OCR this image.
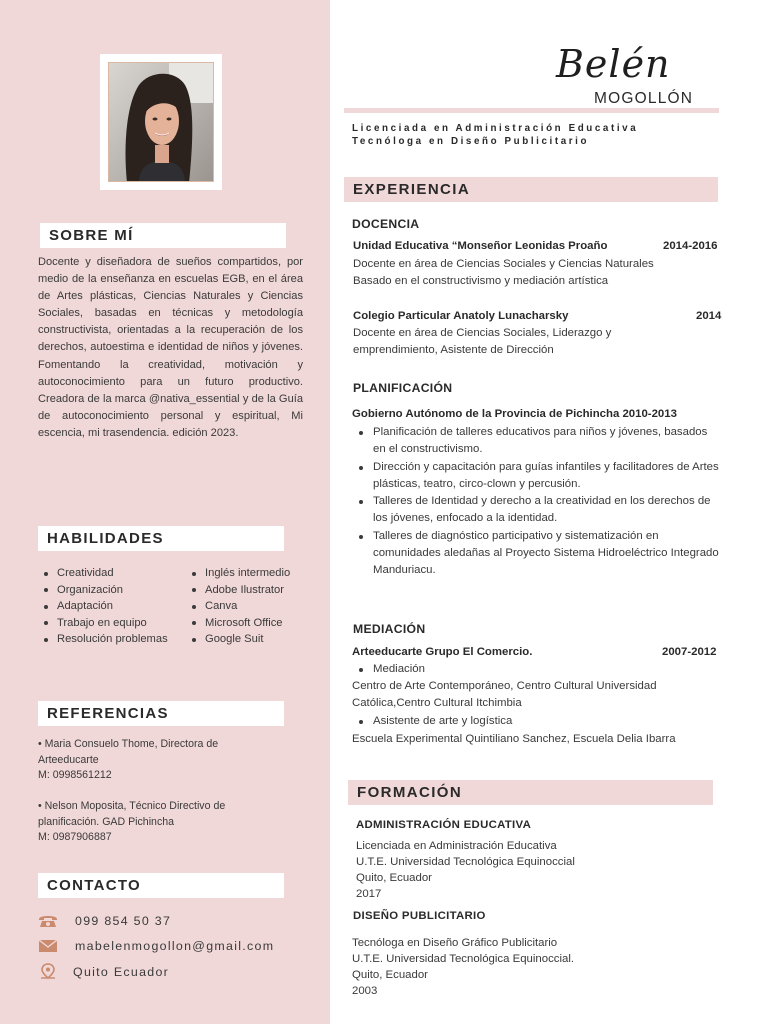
SOBRE MÍ
Docente y diseñadora de sueños compartidos, por medio de la enseñanza en escuelas EGB, en el área de Artes plásticas, Ciencias Naturales y Ciencias Sociales, basadas en técnicas y metodología constructivista, orientadas a la recuperación de los derechos, autoestima e identidad de niños y jóvenes. Fomentando la creatividad, motivación y autoconocimiento para un futuro productivo. Creadora de la marca @nativa_essential y de la Guía de autoconocimiento personal y espiritual, Mi escencia, mi trasendencia. edición 2023.
HABILIDADES
Creatividad
Organización
Adaptación
Trabajo en equipo
Resolución problemas
Inglés intermedio
Adobe Ilustrator
Canva
Microsoft Office
Google Suit
REFERENCIAS
• Maria Consuelo Thome, Directora de
Arteeducarte
M: 0998561212
• Nelson Moposita, Técnico Directivo de
planificación. GAD Pichincha
M: 0987906887
CONTACTO
099 854 50 37
mabelenmogollon@gmail.com
Quito Ecuador
Belén
MOGOLLÓN
Licenciada en Administración Educativa
Tecnóloga en Diseño Publicitario
EXPERIENCIA
DOCENCIA
Unidad Educativa “Monseñor Leonidas Proaño	2014-2016
Docente en área de Ciencias Sociales y Ciencias Naturales
Basado en el constructivismo y mediación artística
Colegio Particular Anatoly Lunacharsky	2014
Docente en área de Ciencias Sociales, Liderazgo y
emprendimiento, Asistente de Dirección
PLANIFICACIÓN
Gobierno Autónomo de la Provincia de Pichincha 2010-2013
Planificación de talleres educativos para niños y jóvenes, basados en el constructivismo.
Dirección y capacitación para guías infantiles y facilitadores de Artes plásticas, teatro, circo-clown y percusión.
Talleres de Identidad y derecho a la creatividad en los derechos de los jóvenes, enfocado a la identidad.
Talleres de diagnóstico participativo y sistematización en comunidades aledañas al Proyecto Sistema Hidroeléctrico Integrado Manduriacu.
MEDIACIÓN
Arteeducarte Grupo El Comercio.	2007-2012
Mediación
Centro de Arte Contemporáneo, Centro Cultural Universidad Católica,Centro Cultural Itchimbia
Asistente de arte y logística
Escuela Experimental Quintiliano Sanchez, Escuela Delia Ibarra
FORMACIÓN
ADMINISTRACIÓN EDUCATIVA
Licenciada en Administración Educativa
U.T.E. Universidad Tecnológica Equinoccial
Quito, Ecuador
2017
DISEÑO PUBLICITARIO
Tecnóloga en Diseño Gráfico Publicitario
U.T.E. Universidad Tecnológica Equinoccial.
Quito, Ecuador
2003
